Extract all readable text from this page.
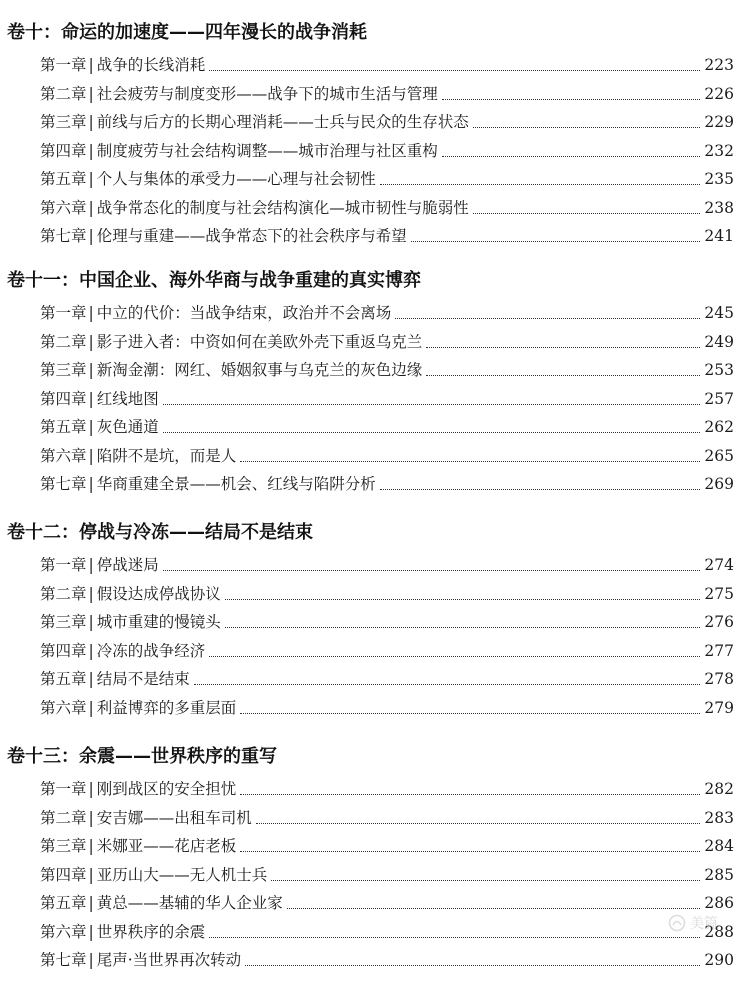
卷十：命运的加速度——四年漫长的战争消耗
第一章 | 战争的长线消耗	223
第二章 | 社会疲劳与制度变形——战争下的城市生活与管理	226
第三章 | 前线与后方的长期心理消耗——士兵与民众的生存状态	229
第四章 | 制度疲劳与社会结构调整——城市治理与社区重构	232
第五章 | 个人与集体的承受力——心理与社会韧性	235
第六章 | 战争常态化的制度与社会结构演化—城市韧性与脆弱性	238
第七章 | 伦理与重建——战争常态下的社会秩序与希望	241
卷十一：中国企业、海外华商与战争重建的真实博弈
第一章 | 中立的代价：当战争结束，政治并不会离场	245
第二章 | 影子进入者：中资如何在美欧外壳下重返乌克兰	249
第三章 | 新淘金潮：网红、婚姻叙事与乌克兰的灰色边缘	253
第四章 | 红线地图	257
第五章 | 灰色通道	262
第六章 | 陷阱不是坑，而是人	265
第七章 | 华商重建全景——机会、红线与陷阱分析	269
卷十二：停战与冷冻——结局不是结束
第一章 | 停战迷局	274
第二章 | 假设达成停战协议	275
第三章 | 城市重建的慢镜头	276
第四章 | 冷冻的战争经济	277
第五章 | 结局不是结束	278
第六章 | 利益博弈的多重层面	279
卷十三：余震——世界秩序的重写
第一章 | 刚到战区的安全担忧	282
第二章 | 安吉娜——出租车司机	283
第三章 | 米娜亚——花店老板	284
第四章 | 亚历山大——无人机士兵	285
第五章 | 黄总——基辅的华人企业家	286
第六章 | 世界秩序的余震	288
第七章 | 尾声·当世界再次转动	290
美篇
